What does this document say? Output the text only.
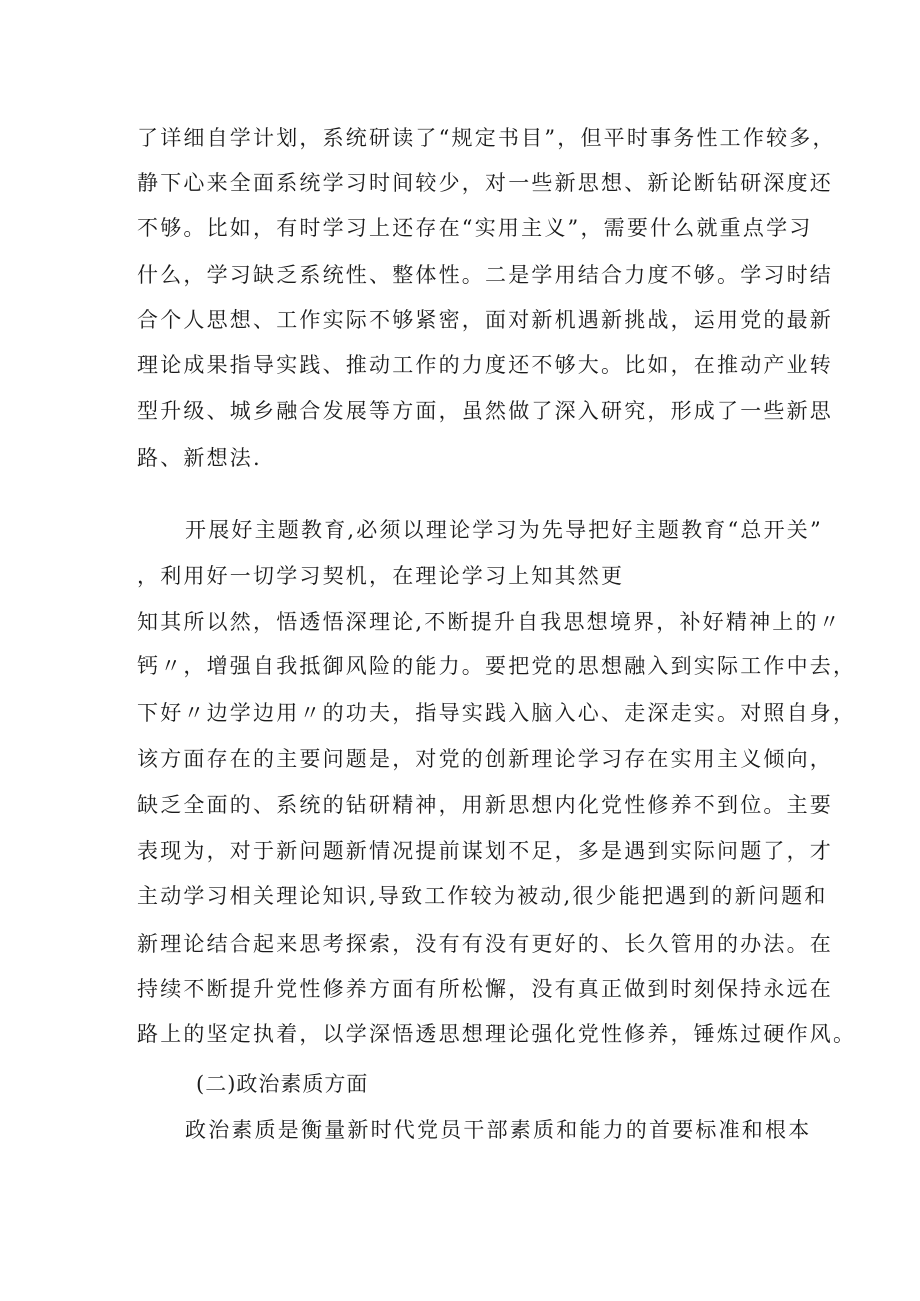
了详细自学计划，系统研读了“规定书目”，但平时事务性工作较多，
静下心来全面系统学习时间较少，对一些新思想、新论断钻研深度还
不够。比如，有时学习上还存在“实用主义”，需要什么就重点学习
什么，学习缺乏系统性、整体性。二是学用结合力度不够。学习时结
合个人思想、工作实际不够紧密，面对新机遇新挑战，运用党的最新
理论成果指导实践、推动工作的力度还不够大。比如，在推动产业转
型升级、城乡融合发展等方面，虽然做了深入研究，形成了一些新思
路、新想法.
开展好主题教育,必须以理论学习为先导把好主题教育“总开关”
，利用好一切学习契机，在理论学习上知其然更
知其所以然，悟透悟深理论,不断提升自我思想境界，补好精神上的〃
钙〃，增强自我抵御风险的能力。要把党的思想融入到实际工作中去，
下好〃边学边用〃的功夫，指导实践入脑入心、走深走实。对照自身，
该方面存在的主要问题是，对党的创新理论学习存在实用主义倾向，
缺乏全面的、系统的钻研精神，用新思想内化党性修养不到位。主要
表现为，对于新问题新情况提前谋划不足，多是遇到实际问题了，才
主动学习相关理论知识,导致工作较为被动,很少能把遇到的新问题和
新理论结合起来思考探索，没有有没有更好的、长久管用的办法。在
持续不断提升党性修养方面有所松懈，没有真正做到时刻保持永远在
路上的坚定执着，以学深悟透思想理论强化党性修养，锤炼过硬作风。
(二)政治素质方面
政治素质是衡量新时代党员干部素质和能力的首要标准和根本
